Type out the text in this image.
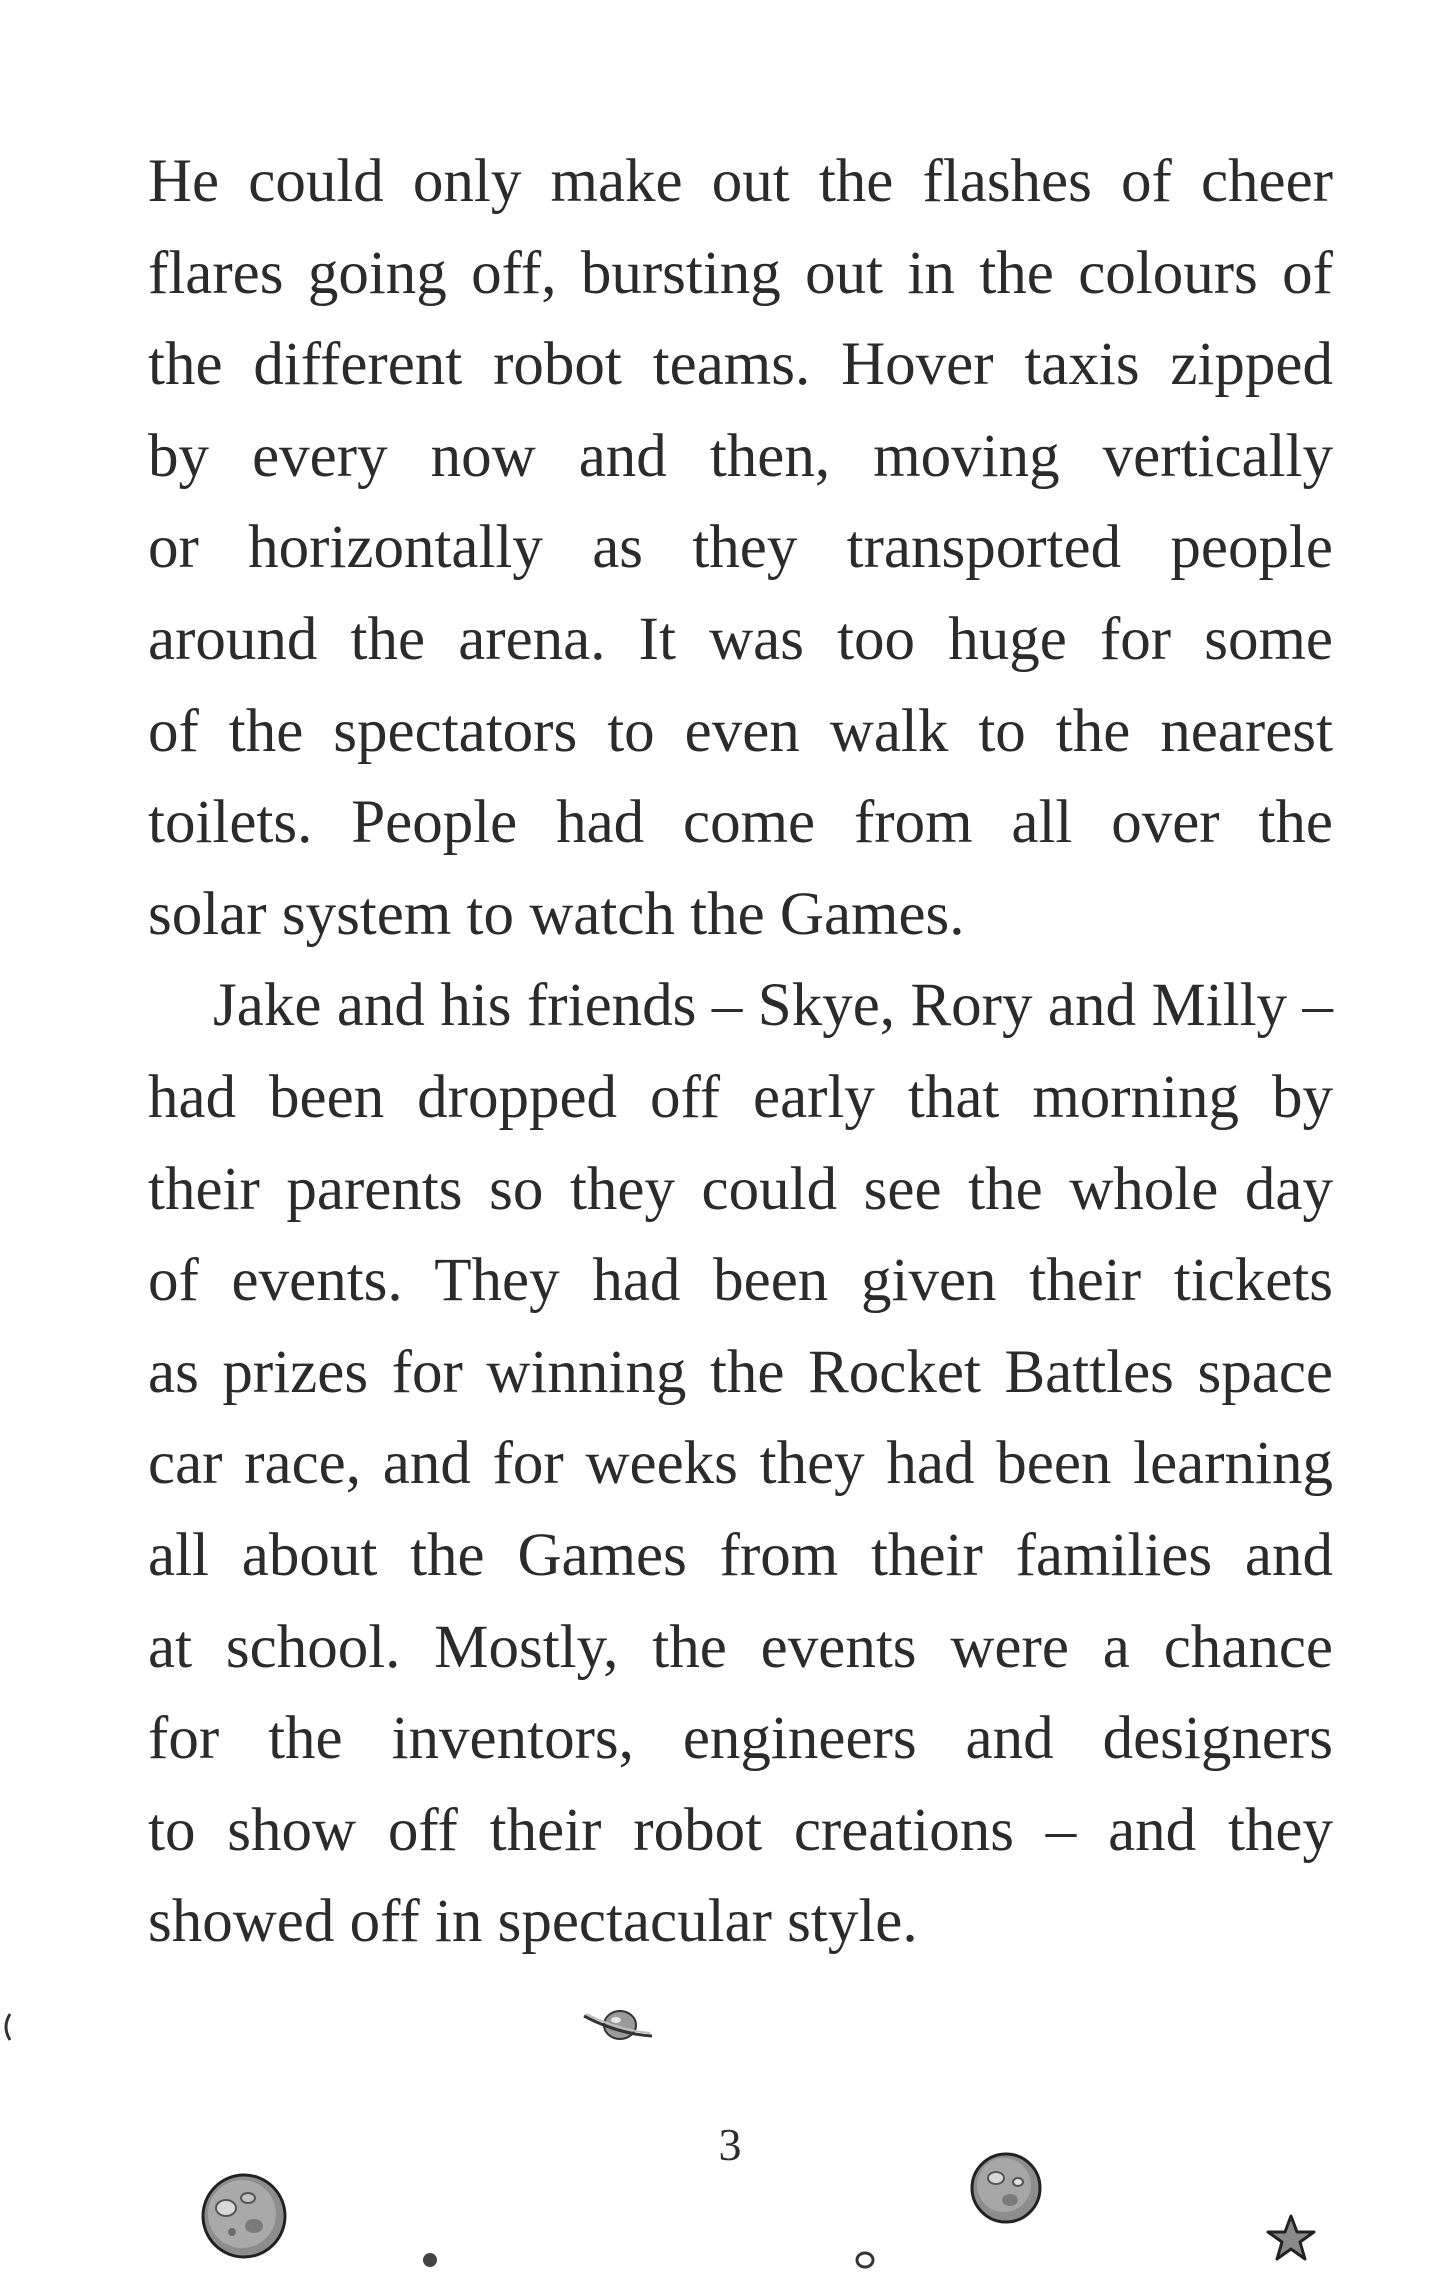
He could only make out the flashes of cheer
flares going off, bursting out in the colours of
the different robot teams. Hover taxis zipped
by every now and then, moving vertically
or horizontally as they transported people
around the arena. It was too huge for some
of the spectators to even walk to the nearest
toilets. People had come from all over the
solar system to watch the Games.
Jake and his friends – Skye, Rory and Milly –
had been dropped off early that morning by
their parents so they could see the whole day
of events. They had been given their tickets
as prizes for winning the Rocket Battles space
car race, and for weeks they had been learning
all about the Games from their families and
at school. Mostly, the events were a chance
for the inventors, engineers and designers
to show off their robot creations – and they
showed off in spectacular style.
3
